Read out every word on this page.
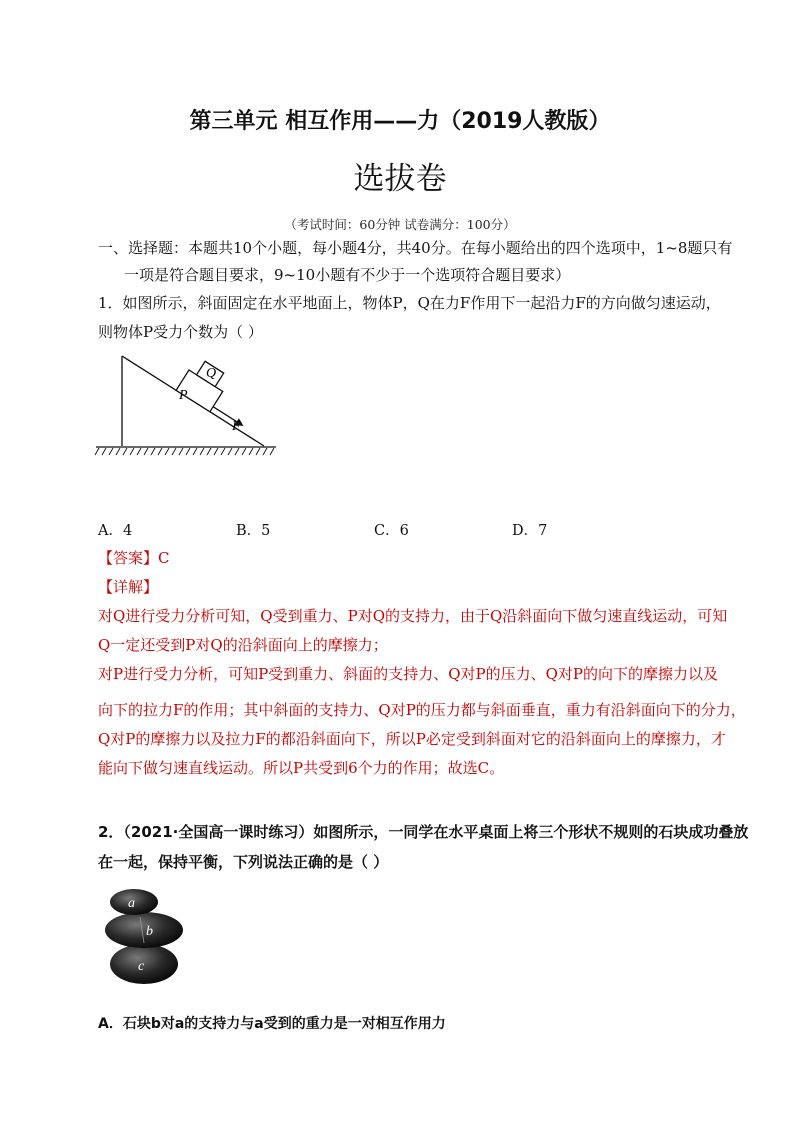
第三单元 相互作用——力（2019人教版）
选拔卷
（考试时间：60分钟 试卷满分：100分）
一、选择题：本题共10个小题，每小题4分，共40分。在每小题给出的四个选项中，1~8题只有
一项是符合题目要求，9~10小题有不少于一个选项符合题目要求）
1．如图所示，斜面固定在水平地面上，物体P，Q在力F作用下一起沿力F的方向做匀速运动，
则物体P受力个数为（ ）
Q
P
F
A．4	B．5	C．6	D．7
【答案】C
【详解】
对Q进行受力分析可知，Q受到重力、P对Q的支持力，由于Q沿斜面向下做匀速直线运动，可知
Q一定还受到P对Q的沿斜面向上的摩擦力；
对P进行受力分析，可知P受到重力、斜面的支持力、Q对P的压力、Q对P的向下的摩擦力以及
向下的拉力F的作用；其中斜面的支持力、Q对P的压力都与斜面垂直，重力有沿斜面向下的分力，
Q对P的摩擦力以及拉力F的都沿斜面向下，所以P必定受到斜面对它的沿斜面向上的摩擦力，才
能向下做匀速直线运动。所以P共受到6个力的作用；故选C。
2．（2021·全国高一课时练习）如图所示，一同学在水平桌面上将三个形状不规则的石块成功叠放
在一起，保持平衡，下列说法正确的是（ ）
a
b
c
A．石块b对a的支持力与a受到的重力是一对相互作用力
